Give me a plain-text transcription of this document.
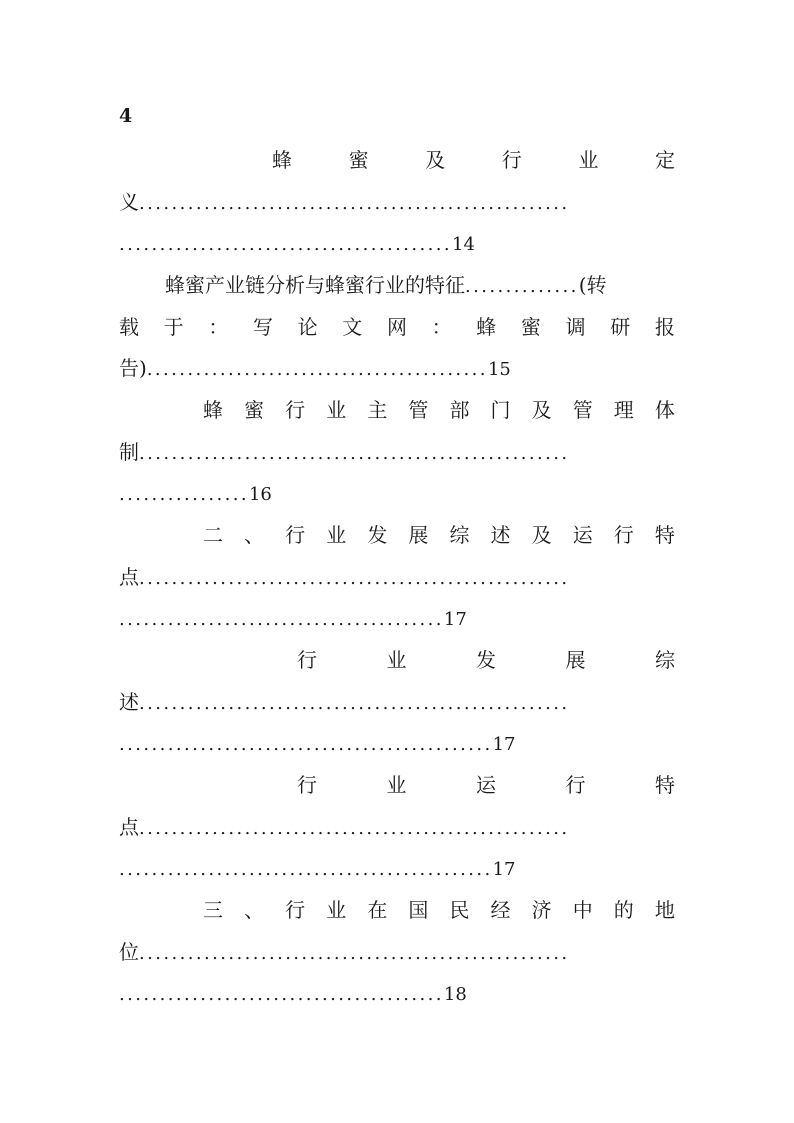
4
蜂	蜜	及	行	业	定
义.....................................................
.........................................14
蜂蜜产业链分析与蜂蜜行业的特征..............(转
载 于 ： 写 论 文 网 ： 蜂 蜜 调 研 报
告)..........................................15
蜂 蜜 行 业 主 管 部 门 及 管 理 体
制.....................................................
................16
二 、 行 业 发 展 综 述 及 运 行 特
点.....................................................
........................................17
行	业	发	展	综
述.....................................................
..............................................17
行	业	运	行	特
点.....................................................
..............................................17
三 、 行 业 在 国 民 经 济 中 的 地
位.....................................................
........................................18
